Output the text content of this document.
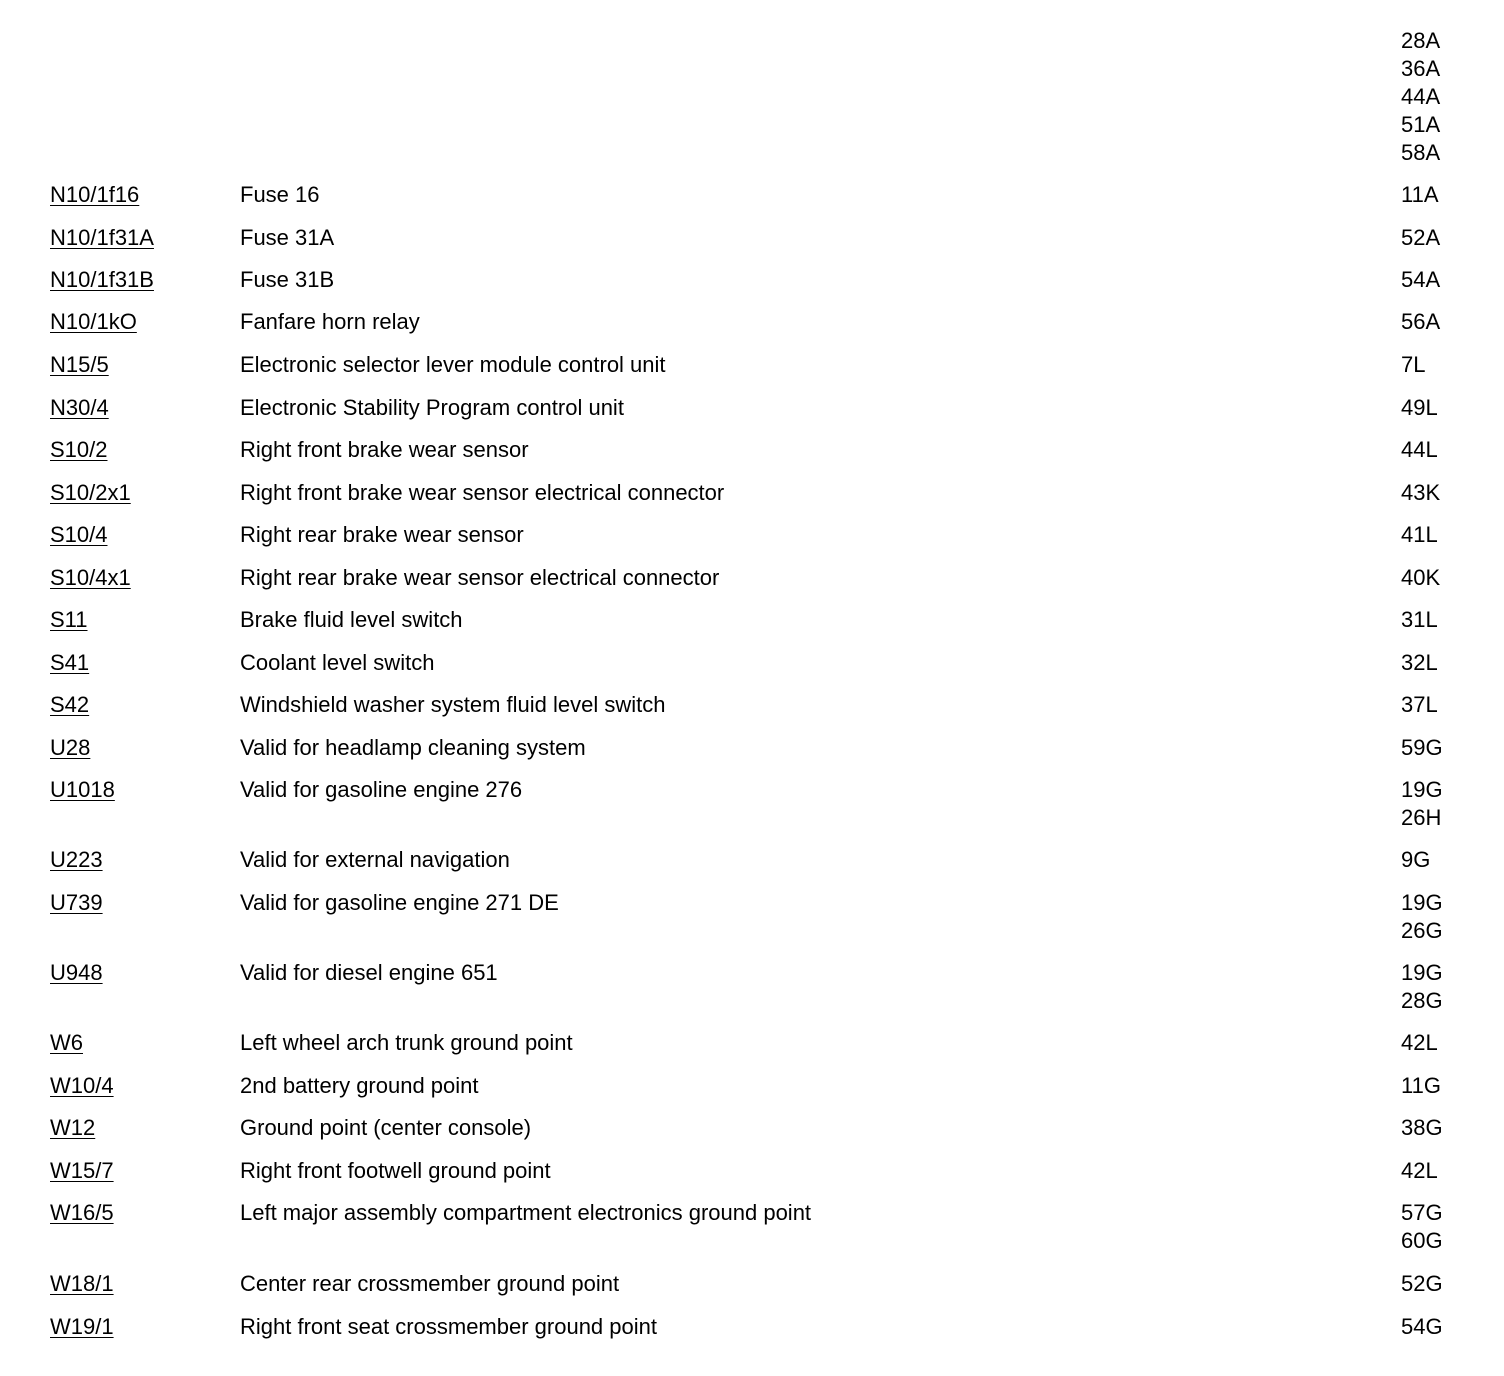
28A
36A
44A
51A
58A
N10/1f16	Fuse 16	11A
N10/1f31A	Fuse 31A	52A
N10/1f31B	Fuse 31B	54A
N10/1kO	Fanfare horn relay	56A
N15/5	Electronic selector lever module control unit	7L
N30/4	Electronic Stability Program control unit	49L
S10/2	Right front brake wear sensor	44L
S10/2x1	Right front brake wear sensor electrical connector	43K
S10/4	Right rear brake wear sensor	41L
S10/4x1	Right rear brake wear sensor electrical connector	40K
S11	Brake fluid level switch	31L
S41	Coolant level switch	32L
S42	Windshield washer system fluid level switch	37L
U28	Valid for headlamp cleaning system	59G
U1018	Valid for gasoline engine 276	19G
26H
U223	Valid for external navigation	9G
U739	Valid for gasoline engine 271 DE	19G
26G
U948	Valid for diesel engine 651	19G
28G
W6	Left wheel arch trunk ground point	42L
W10/4	2nd battery ground point	11G
W12	Ground point (center console)	38G
W15/7	Right front footwell ground point	42L
W16/5	Left major assembly compartment electronics ground point	57G
60G
W18/1	Center rear crossmember ground point	52G
W19/1	Right front seat crossmember ground point	54G
